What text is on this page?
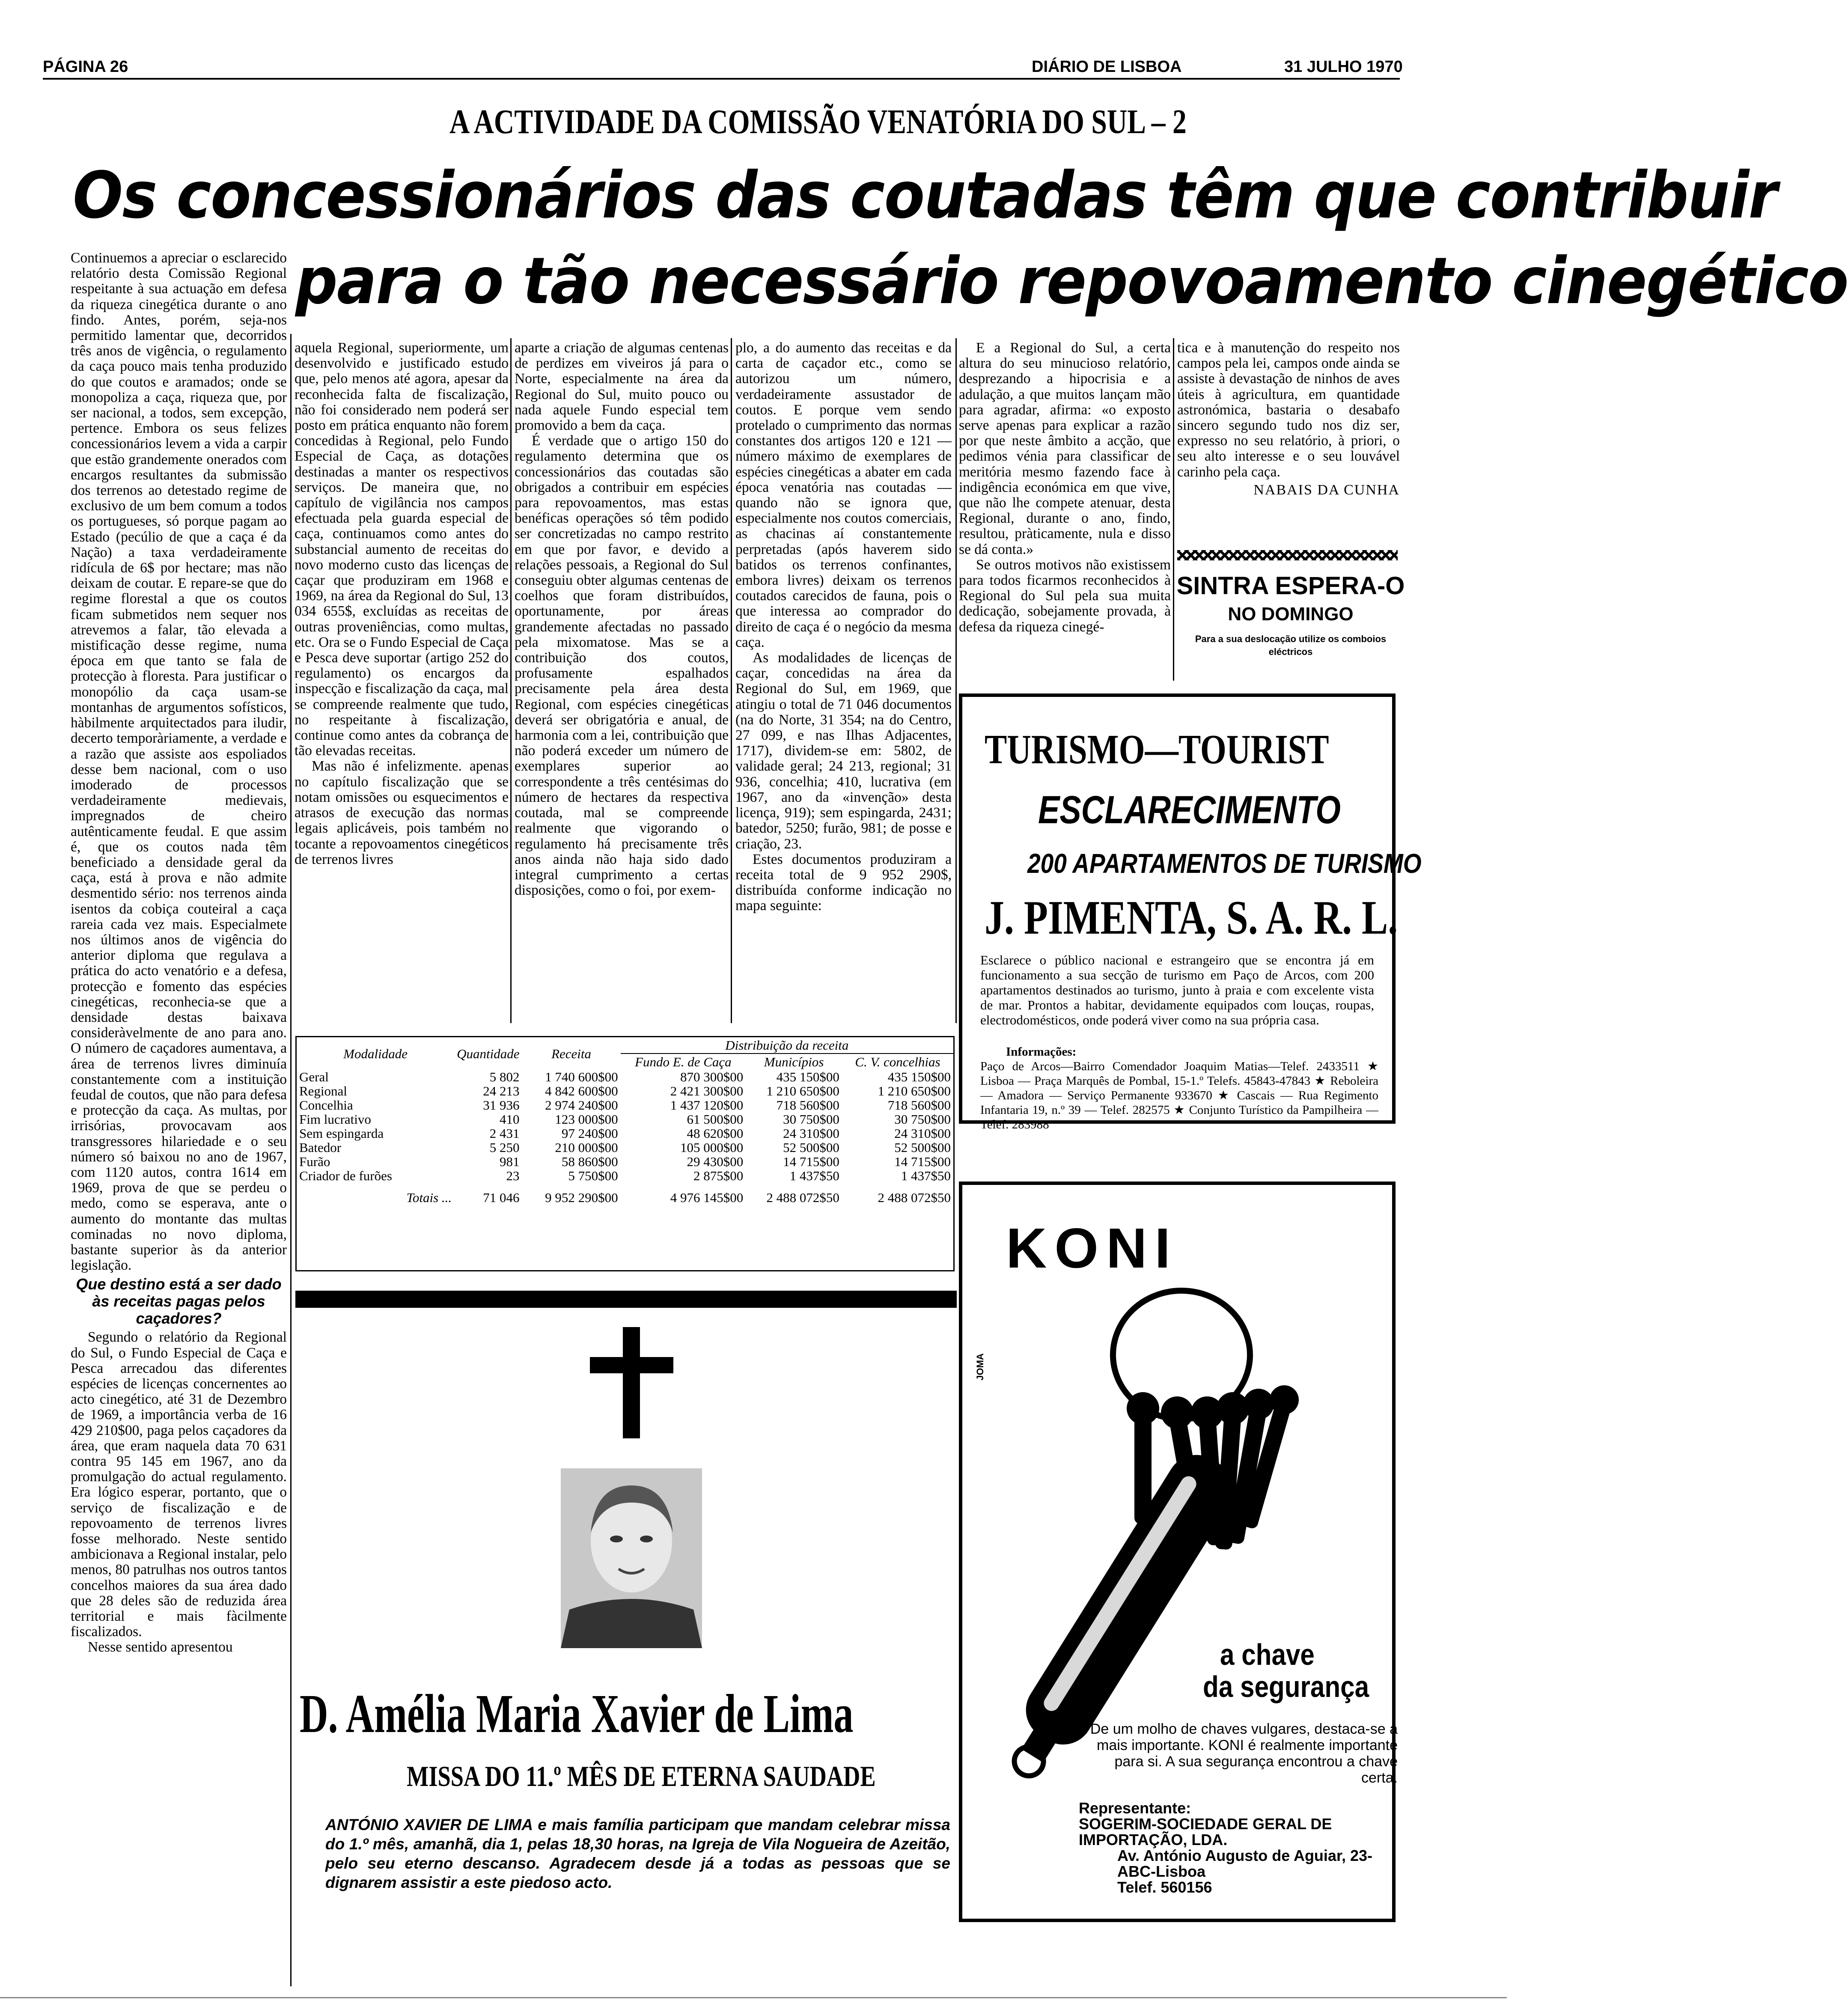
PÁGINA 26	DIÁRIO DE LISBOA	31 JULHO 1970
A ACTIVIDADE DA COMISSÃO VENATÓRIA DO SUL – 2
Os concessionários das coutadas têm que contribuir
para o tão necessário repovoamento cinegético

Continuemos a apreciar o esclarecido relatório desta Comissão Regional respeitante à sua actuação em defesa da riqueza cinegética durante o ano findo. Antes, porém, seja-nos permitido lamentar que, decorridos três anos de vigência, o regulamento da caça pouco mais tenha produzido do que coutos e aramados; onde se monopoliza a caça, riqueza que, por ser nacional, a todos, sem excepção, pertence. Embora os seus felizes concessionários levem a vida a carpir que estão grandemente onerados com encargos resultantes da submissão dos terrenos ao detestado regime de exclusivo de um bem comum a todos os portugueses, só porque pagam ao Estado (pecúlio de que a caça é da Nação) a taxa verdadeiramente ridícula de 6$ por hectare; mas não deixam de coutar. E repare-se que do regime florestal a que os coutos ficam submetidos nem sequer nos atrevemos a falar, tão elevada a mistificação desse regime, numa época em que tanto se fala de protecção à floresta. Para justificar o monopólio da caça usam-se montanhas de argumentos sofísticos, hàbilmente arquitectados para iludir, decerto temporàriamente, a verdade e a razão que assiste aos espoliados desse bem nacional, com o uso imoderado de processos verdadeiramente medievais, impregnados de cheiro autênticamente feudal. E que assim é, que os coutos nada têm beneficiado a densidade geral da caça, está à prova e não admite desmentido sério: nos terrenos ainda isentos da cobiça couteiral a caça rareia cada vez mais. Especialmete nos últimos anos de vigência do anterior diploma que regulava a prática do acto venatório e a defesa, protecção e fomento das espécies cinegéticas, reconhecia-se que a densidade destas baixava consideràvelmente de ano para ano. O número de caçadores aumentava, a área de terrenos livres diminuía constantemente com a instituição feudal de coutos, que não para defesa e protecção da caça. As multas, por irrisórias, provocavam aos transgressores hilariedade e o seu número só baixou no ano de 1967, com 1120 autos, contra 1614 em 1969, prova de que se perdeu o medo, como se esperava, ante o aumento do montante das multas cominadas no novo diploma, bastante superior às da anterior legislação.

Que destino está a ser dado às receitas pagas pelos caçadores?

Segundo o relatório da Regional do Sul, o Fundo Especial de Caça e Pesca arrecadou das diferentes espécies de licenças concernentes ao acto cinegético, até 31 de Dezembro de 1969, a importância verba de 16 429 210$00, paga pelos caçadores da área, que eram naquela data 70 631 contra 95 145 em 1967, ano da promulgação do actual regulamento. Era lógico esperar, portanto, que o serviço de fiscalização e de repovoamento de terrenos livres fosse melhorado. Neste sentido ambicionava a Regional instalar, pelo menos, 80 patrulhas nos outros tantos concelhos maiores da sua área dado que 28 deles são de reduzida área territorial e mais fàcilmente fiscalizados.

Nesse sentido apresentou

aquela Regional, superiormente, um desenvolvido e justificado estudo que, pelo menos até agora, apesar da reconhecida falta de fiscalização, não foi considerado nem poderá ser posto em prática enquanto não forem concedidas à Regional, pelo Fundo Especial de Caça, as dotações destinadas a manter os respectivos serviços. De maneira que, no capítulo de vigilância nos campos efectuada pela guarda especial de caça, continuamos como antes do substancial aumento de receitas do novo moderno custo das licenças de caçar que produziram em 1968 e 1969, na área da Regional do Sul, 13 034 655$, excluídas as receitas de outras proveniências, como multas, etc. Ora se o Fundo Especial de Caça e Pesca deve suportar (artigo 252 do regulamento) os encargos da inspecção e fiscalização da caça, mal se compreende realmente que tudo, no respeitante à fiscalização, continue como antes da cobrança de tão elevadas receitas.

Mas não é infelizmente. apenas no capítulo fiscalização que se notam omissões ou esquecimentos e atrasos de execução das normas legais aplicáveis, pois também no tocante a repovoamentos cinegéticos de terrenos livres

aparte a criação de algumas centenas de perdizes em viveiros já para o Norte, especialmente na área da Regional do Sul, muito pouco ou nada aquele Fundo especial tem promovido a bem da caça.

É verdade que o artigo 150 do regulamento determina que os concessionários das coutadas são obrigados a contribuir em espécies para repovoamentos, mas estas benéficas operações só têm podido ser concretizadas no campo restrito em que por favor, e devido a relações pessoais, a Regional do Sul conseguiu obter algumas centenas de coelhos que foram distribuídos, oportunamente, por áreas grandemente afectadas no passado pela mixomatose. Mas se a contribuição dos coutos, profusamente espalhados precisamente pela área desta Regional, com espécies cinegéticas deverá ser obrigatória e anual, de harmonia com a lei, contribuição que não poderá exceder um número de exemplares superior ao correspondente a três centésimas do número de hectares da respectiva coutada, mal se compreende realmente que vigorando o regulamento há precisamente três anos ainda não haja sido dado integral cumprimento a certas disposições, como o foi, por exem-

plo, a do aumento das receitas e da carta de caçador etc., como se autorizou um número, verdadeiramente assustador de coutos. E porque vem sendo protelado o cumprimento das normas constantes dos artigos 120 e 121 — número máximo de exemplares de espécies cinegéticas a abater em cada época venatória nas coutadas — quando não se ignora que, especialmente nos coutos comerciais, as chacinas aí constantemente perpretadas (após haverem sido batidos os terrenos confinantes, embora livres) deixam os terrenos coutados carecidos de fauna, pois o que interessa ao comprador do direito de caça é o negócio da mesma caça.

As modalidades de licenças de caçar, concedidas na área da Regional do Sul, em 1969, que atingiu o total de 71 046 documentos (na do Norte, 31 354; na do Centro, 27 099, e nas Ilhas Adjacentes, 1717), dividem-se em: 5802, de validade geral; 24 213, regional; 31 936, concelhia; 410, lucrativa (em 1967, ano da «invenção» desta licença, 919); sem espingarda, 2431; batedor, 5250; furão, 981; de posse e criação, 23.

Estes documentos produziram a receita total de 9 952 290$, distribuída conforme indicação no mapa seguinte:

E a Regional do Sul, a certa altura do seu minucioso relatório, desprezando a hipocrisia e a adulação, a que muitos lançam mão para agradar, afirma: «o exposto serve apenas para explicar a razão por que neste âmbito a acção, que pedimos vénia para classificar de meritória mesmo fazendo face à indigência económica em que vive, que não lhe compete atenuar, desta Regional, durante o ano, findo, resultou, pràticamente, nula e disso se dá conta.»

Se outros motivos não existissem para todos ficarmos reconhecidos à Regional do Sul pela sua muita dedicação, sobejamente provada, à defesa da riqueza cinegé-

tica e à manutenção do respeito nos campos pela lei, campos onde ainda se assiste à devastação de ninhos de aves úteis à agricultura, em quantidade astronómica, bastaria o desabafo sincero segundo tudo nos diz ser, expresso no seu relatório, à priori, o seu alto interesse e o seu louvável carinho pela caça.

NABAIS DA CUNHA
Modalidade	Quantidade	Receita	Distribuição da receita		
			Fundo E. de Caça	Municípios	C. V. concelhias
Geral	5 802	1 740 600$00	870 300$00	435 150$00	435 150$00
Regional	24 213	4 842 600$00	2 421 300$00	1 210 650$00	1 210 650$00
Concelhia	31 936	2 974 240$00	1 437 120$00	718 560$00	718 560$00
Fim lucrativo	410	123 000$00	61 500$00	30 750$00	30 750$00
Sem espingarda	2 431	97 240$00	48 620$00	24 310$00	24 310$00
Batedor	5 250	210 000$00	105 000$00	52 500$00	52 500$00
Furão	981	58 860$00	29 430$00	14 715$00	14 715$00
Criador de furões	23	5 750$00	2 875$00	1 437$50	1 437$50
Totais ...	71 046	9 952 290$00	4 976 145$00	2 488 072$50	2 488 072$50
D. Amélia Maria Xavier de Lima
MISSA DO 11.º MÊS DE ETERNA SAUDADE
ANTÓNIO XAVIER DE LIMA e mais família participam que mandam celebrar missa do 1.º mês, amanhã, dia 1, pelas 18,30 horas, na Igreja de Vila Nogueira de Azeitão, pelo seu eterno descanso. Agradecem desde já a todas as pessoas que se dignarem assistir a este piedoso acto.
SINTRA ESPERA-O
NO DOMINGO
Para a sua deslocação utilize os comboios eléctricos
TURISMO—TOURIST
ESCLARECIMENTO
200 APARTAMENTOS DE TURISMO
J. PIMENTA, S. A. R. L.
Esclarece o público nacional e estrangeiro que se encontra já em funcionamento a sua secção de turismo em Paço de Arcos, com 200 apartamentos destinados ao turismo, junto à praia e com excelente vista de mar. Prontos a habitar, devidamente equipados com louças, roupas, electrodomésticos, onde poderá viver como na sua própria casa.
Informações:
Paço de Arcos—Bairro Comendador Joaquim Matias—Telef. 2433511 ★ Lisboa — Praça Marquês de Pombal, 15-1.º Telefs. 45843-47843 ★ Reboleira — Amadora — Serviço Permanente 933670 ★ Cascais — Rua Regimento Infantaria 19, n.º 39 — Telef. 282575 ★ Conjunto Turístico da Pampilheira — Telef. 283988
KONI
JOMA
a chave
da segurança
De um molho de chaves vulgares, destaca-se a mais importante. KONI é realmente importante para si. A sua segurança encontrou a chave certa.
Representante:
SOGERIM-SOCIEDADE GERAL DE IMPORTAÇÃO, LDA.
Av. António Augusto de Aguiar, 23-ABC-Lisboa
Telef. 560156
